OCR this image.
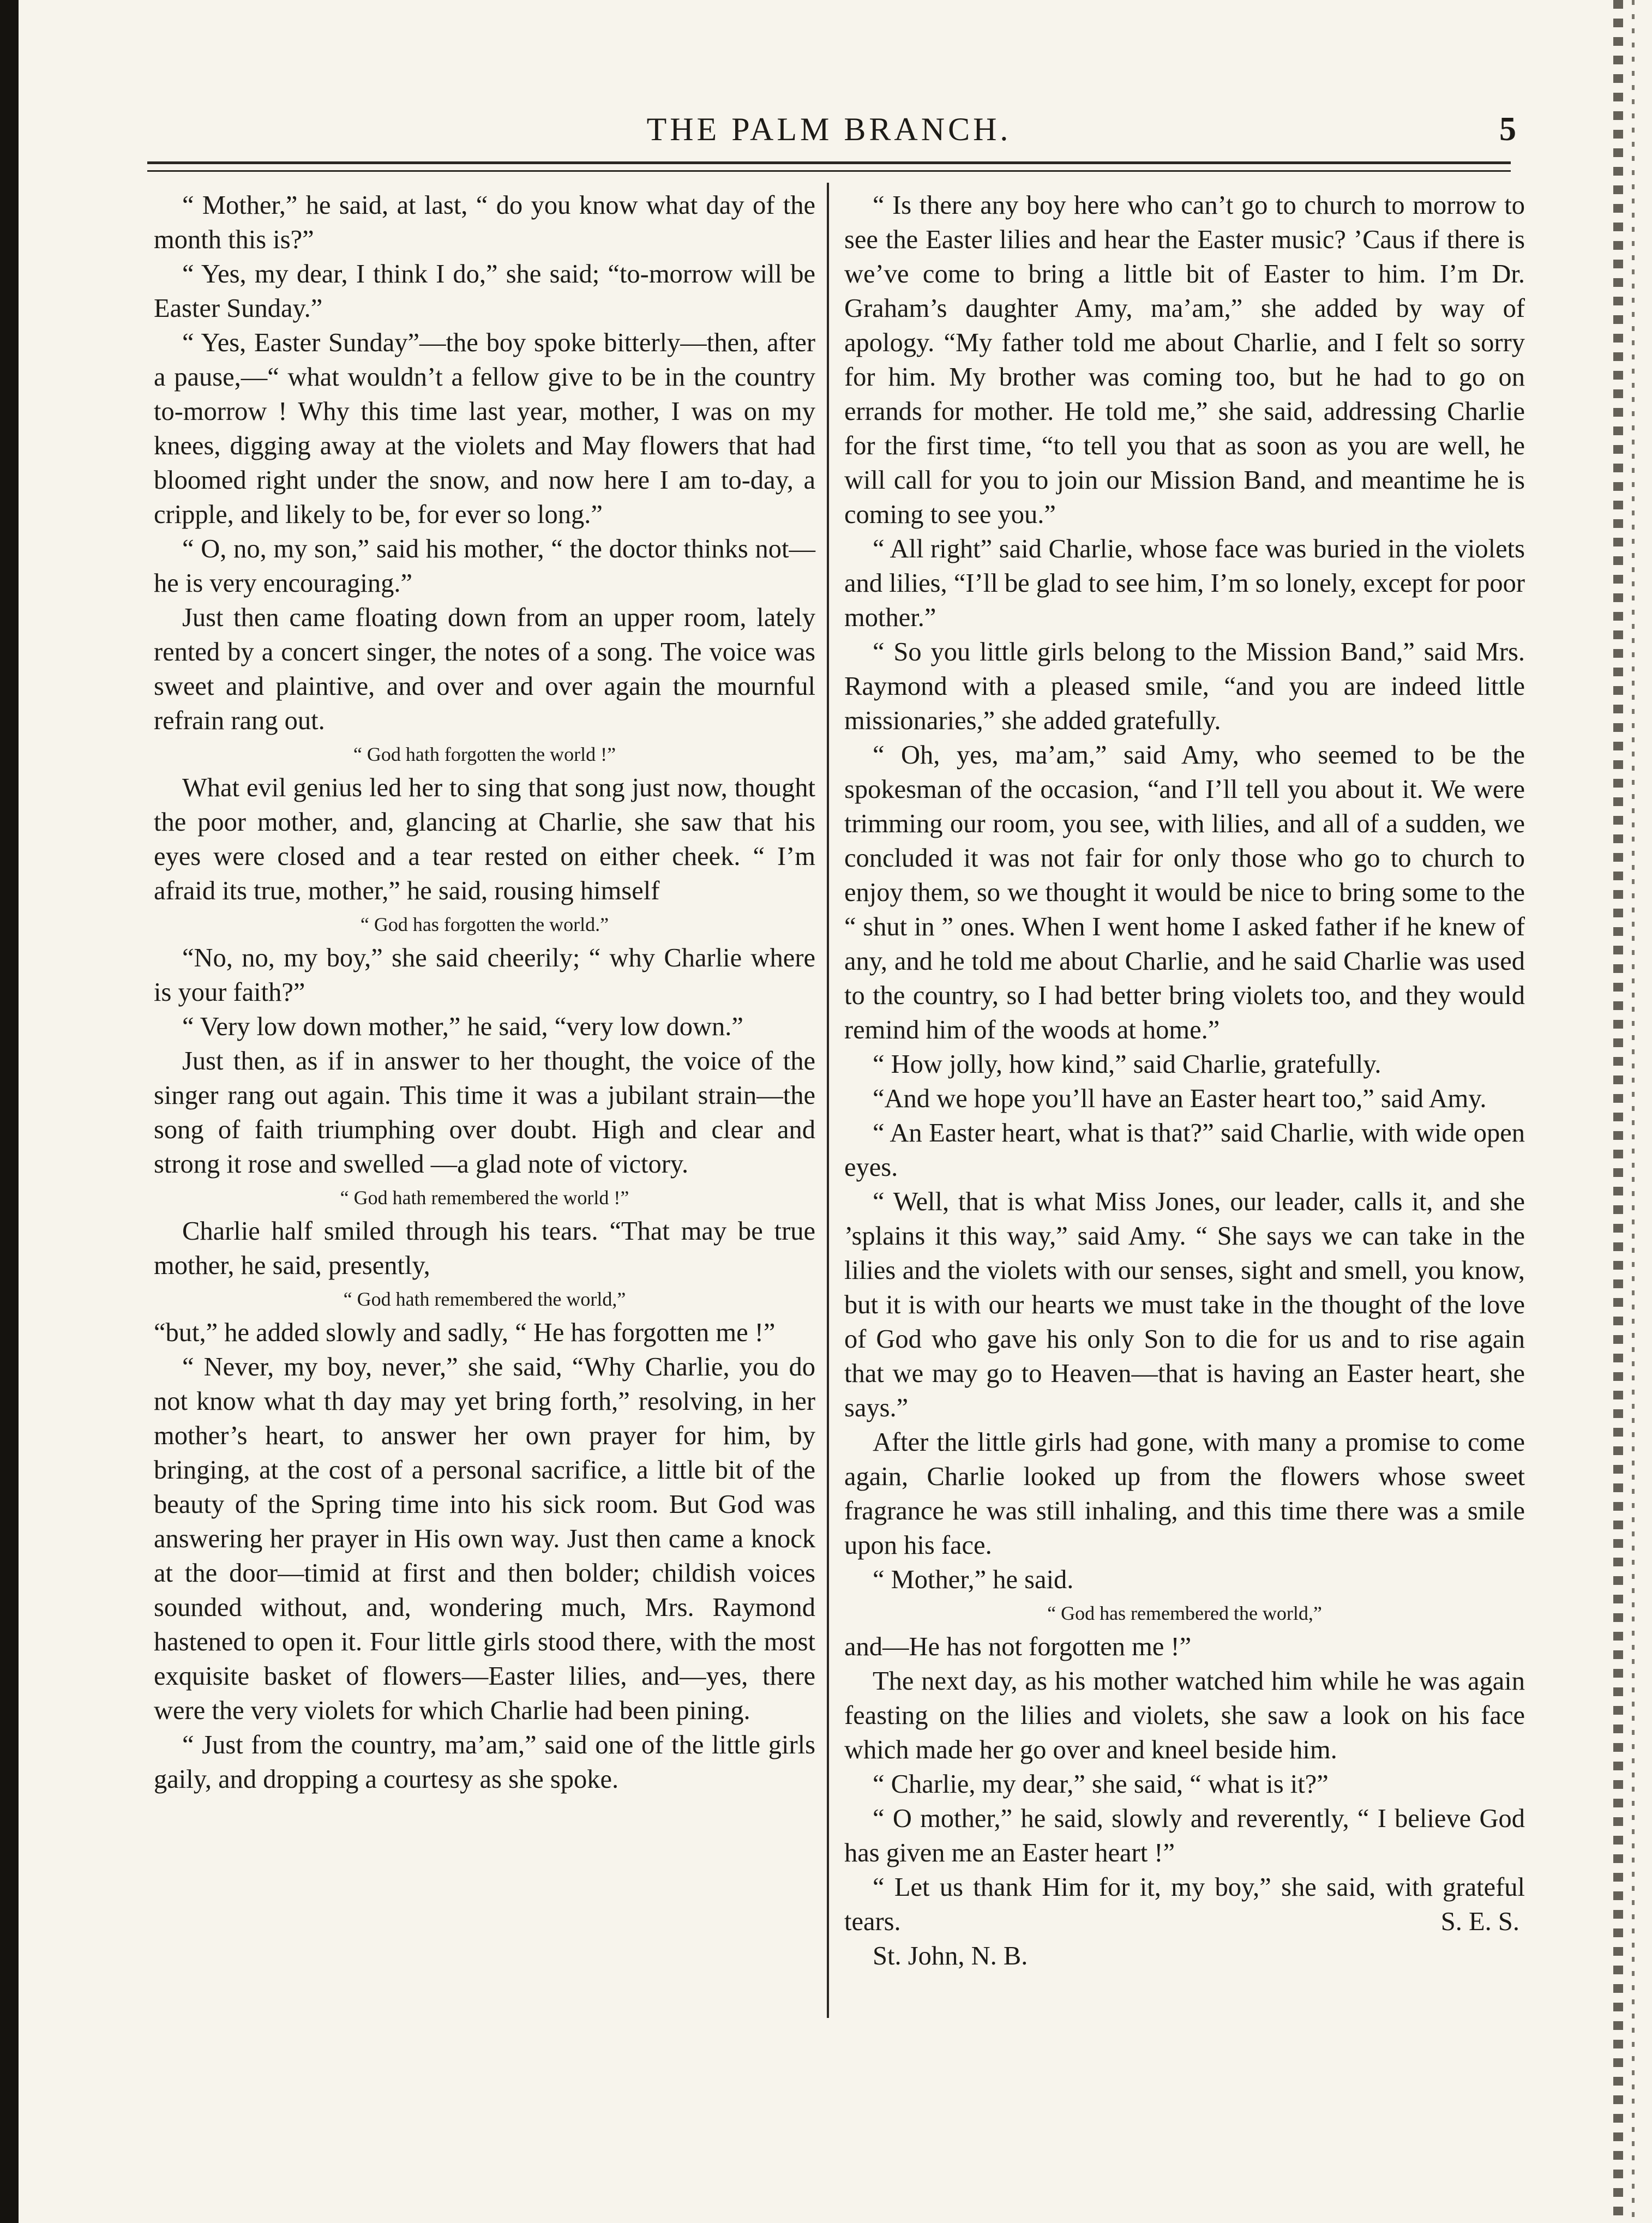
THE PALM BRANCH.	5

“ Mother,” he said, at last, “ do you know what day of the month this is?”

“ Yes, my dear, I think I do,” she said; “to-morrow will be Easter Sunday.”

“ Yes, Easter Sunday”—the boy spoke bitterly—then, after a pause,—“ what wouldn’t a fellow give to be in the country to-morrow ! Why this time last year, mother, I was on my knees, digging away at the violets and May flowers that had bloomed right under the snow, and now here I am to-day, a cripple, and likely to be, for ever so long.”

“ O, no, my son,” said his mother, “ the doctor thinks not—he is very encouraging.”

Just then came floating down from an upper room, lately rented by a concert singer, the notes of a song. The voice was sweet and plaintive, and over and over again the mournful refrain rang out.

“ God hath forgotten the world !”

What evil genius led her to sing that song just now, thought the poor mother, and, glancing at Charlie, she saw that his eyes were closed and a tear rested on either cheek. “ I’m afraid its true, mother,” he said, rousing himself

“ God has forgotten the world.”

“No, no, my boy,” she said cheerily; “ why Charlie where is your faith?”

“ Very low down mother,” he said, “very low down.”

Just then, as if in answer to her thought, the voice of the singer rang out again. This time it was a jubilant strain—the song of faith triumphing over doubt. High and clear and strong it rose and swelled —a glad note of victory.

“ God hath remembered the world !”

Charlie half smiled through his tears. “That may be true mother, he said, presently,

“ God hath remembered the world,”

“but,” he added slowly and sadly, “ He has forgotten me !”

“ Never, my boy, never,” she said, “Why Charlie, you do not know what th day may yet bring forth,” resolving, in her mother’s heart, to answer her own prayer for him, by bringing, at the cost of a personal sacrifice, a little bit of the beauty of the Spring time into his sick room. But God was answering her prayer in His own way. Just then came a knock at the door—timid at first and then bolder; childish voices sounded without, and, wondering much, Mrs. Raymond hastened to open it. Four little girls stood there, with the most exquisite basket of flowers—Easter lilies, and—yes, there were the very violets for which Charlie had been pining.

“ Just from the country, ma’am,” said one of the little girls gaily, and dropping a courtesy as she spoke.

“ Is there any boy here who can’t go to church to morrow to see the Easter lilies and hear the Easter music? ’Caus if there is we’ve come to bring a little bit of Easter to him. I’m Dr. Graham’s daughter Amy, ma’am,” she added by way of apology. “My father told me about Charlie, and I felt so sorry for him. My brother was coming too, but he had to go on errands for mother. He told me,” she said, addressing Charlie for the first time, “to tell you that as soon as you are well, he will call for you to join our Mission Band, and meantime he is coming to see you.”

“ All right” said Charlie, whose face was buried in the violets and lilies, “I’ll be glad to see him, I’m so lonely, except for poor mother.”

“ So you little girls belong to the Mission Band,” said Mrs. Raymond with a pleased smile, “and you are indeed little missionaries,” she added gratefully.

“ Oh, yes, ma’am,” said Amy, who seemed to be the spokesman of the occasion, “and I’ll tell you about it. We were trimming our room, you see, with lilies, and all of a sudden, we concluded it was not fair for only those who go to church to enjoy them, so we thought it would be nice to bring some to the “ shut in ” ones. When I went home I asked father if he knew of any, and he told me about Charlie, and he said Charlie was used to the country, so I had better bring violets too, and they would remind him of the woods at home.”

“ How jolly, how kind,” said Charlie, gratefully.

“And we hope you’ll have an Easter heart too,” said Amy.

“ An Easter heart, what is that?” said Charlie, with wide open eyes.

“ Well, that is what Miss Jones, our leader, calls it, and she ’splains it this way,” said Amy. “ She says we can take in the lilies and the violets with our senses, sight and smell, you know, but it is with our hearts we must take in the thought of the love of God who gave his only Son to die for us and to rise again that we may go to Heaven—that is having an Easter heart, she says.”

After the little girls had gone, with many a promise to come again, Charlie looked up from the flowers whose sweet fragrance he was still inhaling, and this time there was a smile upon his face.

“ Mother,” he said.

“ God has remembered the world,”

and—He has not forgotten me !”

The next day, as his mother watched him while he was again feasting on the lilies and violets, she saw a look on his face which made her go over and kneel beside him.

“ Charlie, my dear,” she said, “ what is it?”

“ O mother,” he said, slowly and reverently, “ I believe God has given me an Easter heart !”

“ Let us thank Him for it, my boy,” she said, with grateful tears.	S. E. S.

St. John, N. B.
